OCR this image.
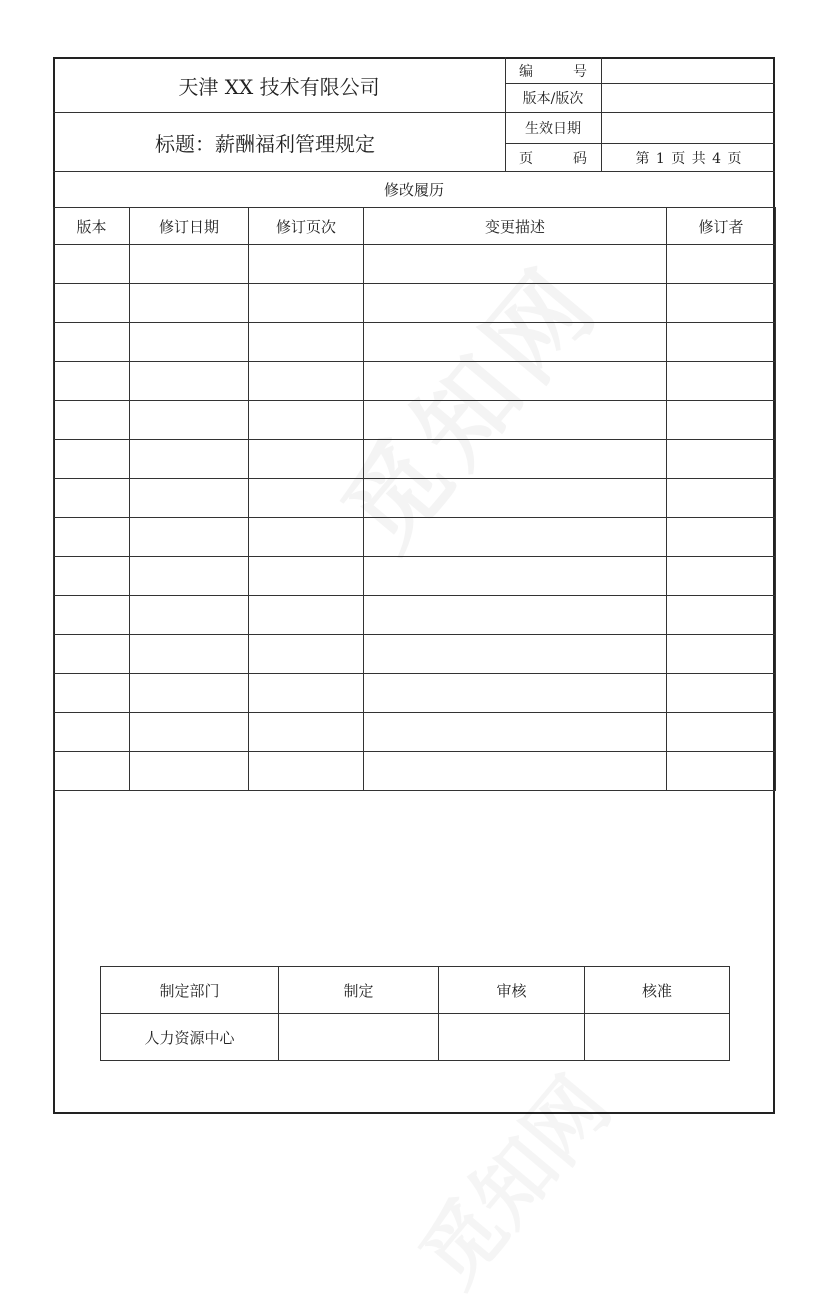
天津 XX 技术有限公司
标题：薪酬福利管理规定
编	号
版本/版次
生效日期
页	码	第 1 页 共 4 页
修改履历
版本	修订日期	修订页次	变更描述	修订者

制定部门	制定	审核	核准
人力资源中心			
